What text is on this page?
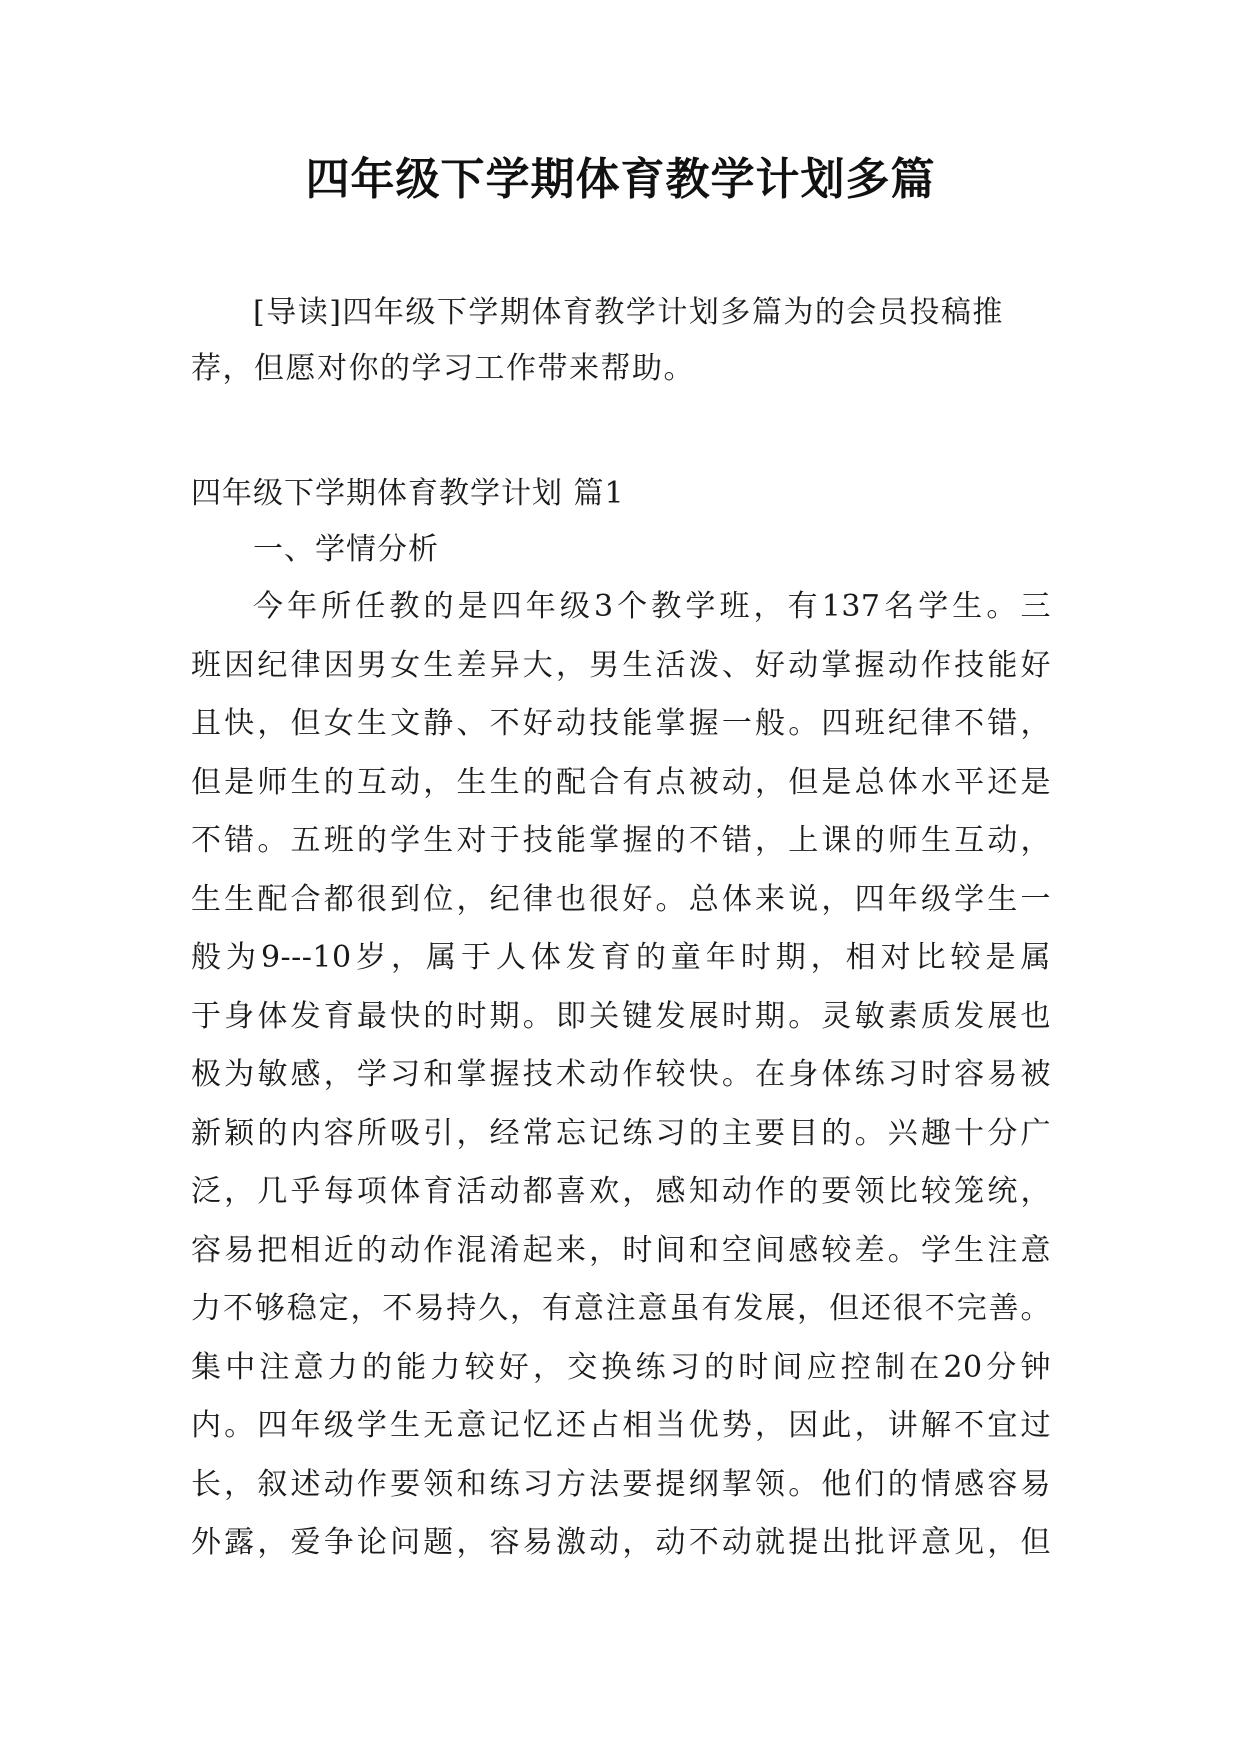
四年级下学期体育教学计划多篇

[导读]四年级下学期体育教学计划多篇为的会员投稿推荐，但愿对你的学习工作带来帮助。

四年级下学期体育教学计划 篇1

一、学情分析

今年所任教的是四年级3个教学班，有137名学生。三
班因纪律因男女生差异大，男生活泼、好动掌握动作技能好
且快，但女生文静、不好动技能掌握一般。四班纪律不错，
但是师生的互动，生生的配合有点被动，但是总体水平还是
不错。五班的学生对于技能掌握的不错，上课的师生互动，
生生配合都很到位，纪律也很好。总体来说，四年级学生一
般为9---10岁，属于人体发育的童年时期，相对比较是属
于身体发育最快的时期。即关键发展时期。灵敏素质发展也
极为敏感，学习和掌握技术动作较快。在身体练习时容易被
新颖的内容所吸引，经常忘记练习的主要目的。兴趣十分广
泛，几乎每项体育活动都喜欢，感知动作的要领比较笼统，
容易把相近的动作混淆起来，时间和空间感较差。学生注意
力不够稳定，不易持久，有意注意虽有发展，但还很不完善。
集中注意力的能力较好，交换练习的时间应控制在20分钟
内。四年级学生无意记忆还占相当优势，因此，讲解不宜过
长，叙述动作要领和练习方法要提纲挈领。他们的情感容易
外露，爱争论问题，容易激动，动不动就提出批评意见，但
